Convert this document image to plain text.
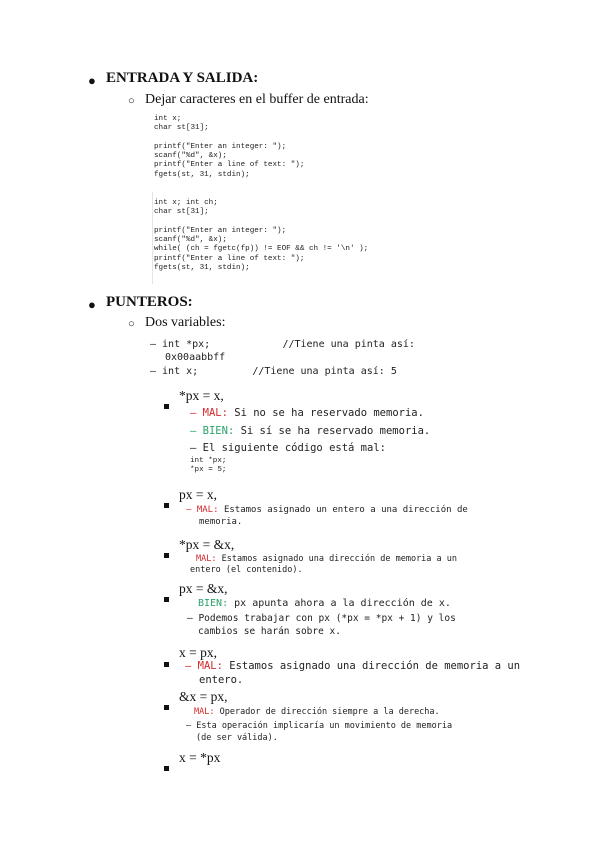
● ENTRADA Y SALIDA:
○ Dejar caracteres en el buffer de entrada:
int x;
char st[31];

printf("Enter an integer: ");
scanf("%d", &x);
printf("Enter a line of text: ");
fgets(st, 31, stdin);
int x; int ch;
char st[31];

printf("Enter an integer: ");
scanf("%d", &x);
while( (ch = fgetc(fp)) != EOF && ch != '\n' );
printf("Enter a line of text: ");
fgets(st, 31, stdin);
● PUNTEROS:
○ Dos variables:
– int *px;            //Tiene una pinta así:
0x00aabbff
– int x;         //Tiene una pinta así: 5
*px = x,
– MAL: Si no se ha reservado memoria.
– BIEN: Si sí se ha reservado memoria.
– El siguiente código está mal:
int *px;
*px = 5;
px = x,
– MAL: Estamos asignado un entero a una dirección de
memoria.
*px = &x,
MAL: Estamos asignado una dirección de memoria a un
entero (el contenido).
px = &x,
BIEN: px apunta ahora a la dirección de x.
– Podemos trabajar con px (*px = *px + 1) y los
cambios se harán sobre x.
x = px,
– MAL: Estamos asignado una dirección de memoria a un
entero.
&x = px,
MAL: Operador de dirección siempre a la derecha.
– Esta operación implicaría un movimiento de memoria
(de ser válida).
x = *px
